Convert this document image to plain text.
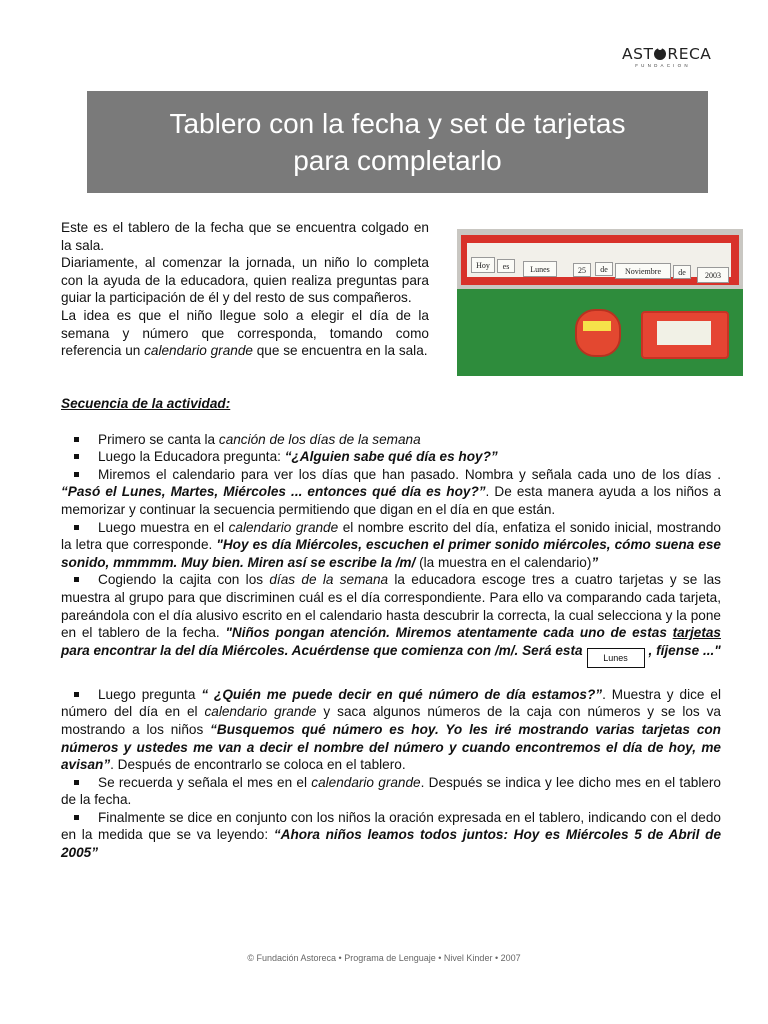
AST RECA
FUNDACION
Tablero con la fecha y set de tarjetas
para completarlo

Este es el tablero de la fecha que se encuentra colgado en la sala.

Diariamente, al comenzar la jornada, un niño lo completa con la ayuda de la educadora, quien realiza preguntas para guiar la participación de él y del resto de sus compañeros.

La idea es que el niño llegue solo a elegir el día de la semana y número que corresponda, tomando como referencia un calendario grande que se encuentra en la sala.

Hoy	es	Lunes	25	de	Noviembre	de	2003

Secuencia de la actividad:

Primero se canta la canción de los días de la semana

Luego la Educadora pregunta: “¿Alguien sabe qué día es hoy?”

Miremos el calendario para ver los días que han pasado. Nombra y señala cada uno de los días . “Pasó el Lunes, Martes, Miércoles ... entonces qué día es hoy?”. De esta manera ayuda a los niños a memorizar y continuar la secuencia permitiendo que digan en el día en que están.

Luego muestra en el calendario grande el nombre escrito del día, enfatiza el sonido inicial, mostrando la letra que corresponde. "Hoy es día Miércoles, escuchen el primer sonido miércoles, cómo suena ese sonido, mmmmm. Muy bien. Miren así se escribe la /m/ (la muestra en el calendario)”

Cogiendo la cajita con los días de la semana la educadora escoge tres a cuatro tarjetas y se las muestra al grupo para que discriminen cuál es el día correspondiente. Para ello va comparando cada tarjeta, pareándola con el día alusivo escrito en el calendario hasta descubrir la correcta, la cual selecciona y la pone en el tablero de la fecha. "Niños pongan atención. Miremos atentamente cada uno de estas tarjetas para encontrar la del día Miércoles. Acuérdense que comienza con /m/. Será esta Lunes , fíjense ..."

Luego pregunta “ ¿Quién me puede decir en qué número de día estamos?”. Muestra y dice el número del día en el calendario grande y saca algunos números de la caja con números y se los va mostrando a los niños “Busquemos qué número es hoy. Yo les iré mostrando varias tarjetas con números y ustedes me van a decir el nombre del número y cuando encontremos el día de hoy, me avisan”. Después de encontrarlo se coloca en el tablero.

Se recuerda y señala el mes en el calendario grande. Después se indica y lee dicho mes en el tablero de la fecha.

Finalmente se dice en conjunto con los niños la oración expresada en el tablero, indicando con el dedo en la medida que se va leyendo: “Ahora niños leamos todos juntos: Hoy es Miércoles 5 de Abril de 2005”

© Fundación Astoreca • Programa de Lenguaje • Nivel Kinder • 2007
